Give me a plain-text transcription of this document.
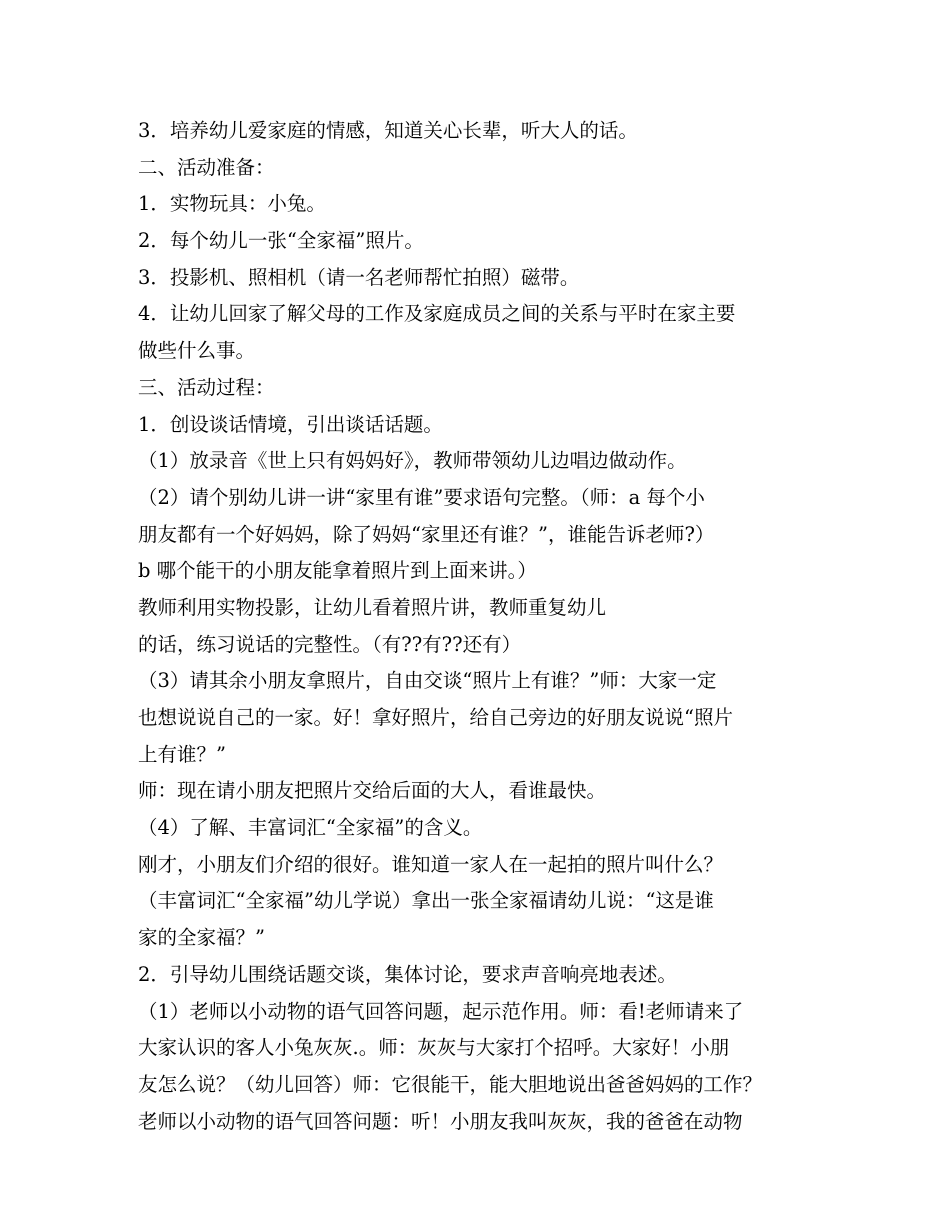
3．培养幼儿爱家庭的情感，知道关心长辈，听大人的话。
二、活动准备：
1．实物玩具：小兔。
2．每个幼儿一张“全家福”照片。
3．投影机、照相机（请一名老师帮忙拍照）磁带。
4．让幼儿回家了解父母的工作及家庭成员之间的关系与平时在家主要
做些什么事。
三、活动过程：
1．创设谈话情境，引出谈话话题。
（1）放录音《世上只有妈妈好》，教师带领幼儿边唱边做动作。
（2）请个别幼儿讲一讲“家里有谁”要求语句完整。（师：a 每个小
朋友都有一个好妈妈，除了妈妈“家里还有谁？”，谁能告诉老师?）
b 哪个能干的小朋友能拿着照片到上面来讲。）
教师利用实物投影，让幼儿看着照片讲，教师重复幼儿
的话，练习说话的完整性。（有??有??还有）
（3）请其余小朋友拿照片，自由交谈“照片上有谁？”师：大家一定
也想说说自己的一家。好！拿好照片，给自己旁边的好朋友说说“照片
上有谁？”
师：现在请小朋友把照片交给后面的大人，看谁最快。
（4）了解、丰富词汇“全家福”的含义。
刚才，小朋友们介绍的很好。谁知道一家人在一起拍的照片叫什么？
（丰富词汇“全家福”幼儿学说）拿出一张全家福请幼儿说：“这是谁
家的全家福？”
2．引导幼儿围绕话题交谈，集体讨论，要求声音响亮地表述。
（1）老师以小动物的语气回答问题，起示范作用。师：看!老师请来了
大家认识的客人小兔灰灰.。师：灰灰与大家打个招呼。大家好！小朋
友怎么说？（幼儿回答）师：它很能干，能大胆地说出爸爸妈妈的工作？
老师以小动物的语气回答问题：听！小朋友我叫灰灰，我的爸爸在动物
